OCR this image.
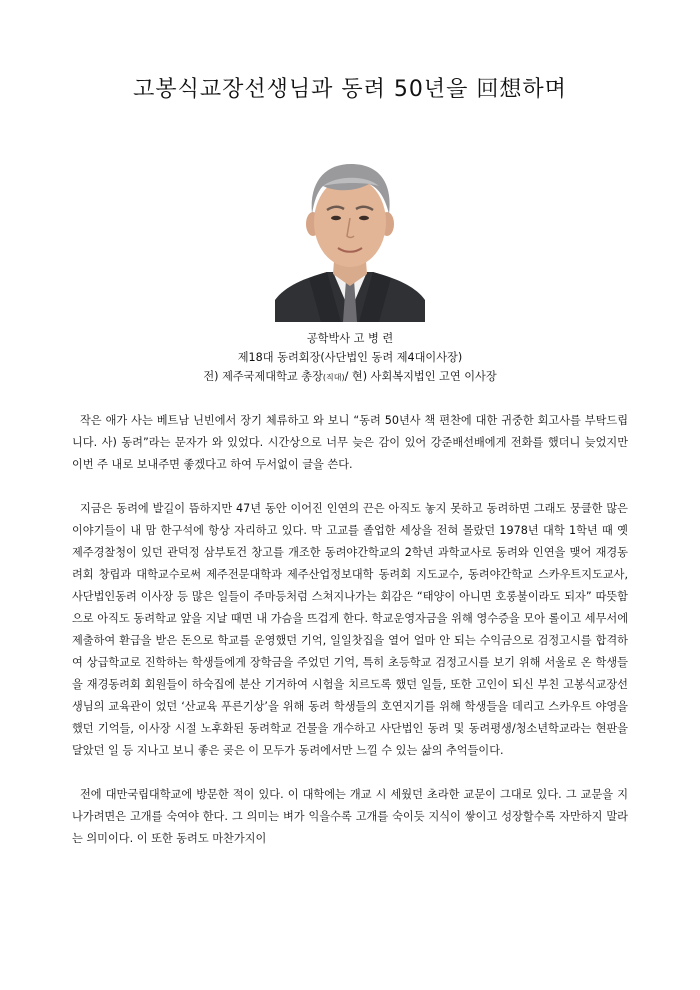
고봉식교장선생님과 동려 50년을 回想하며
공학박사 고 병 련
제18대 동려회장(사단법인 동려 제4대이사장)
전) 제주국제대학교 총장(직대)/ 현) 사회복지법인 고연 이사장

작은 애가 사는 베트남 닌빈에서 장기 체류하고 와 보니 “동려 50년사 책 편찬에 대한 귀중한 회고사를 부탁드립니다. 사) 동려”라는 문자가 와 있었다. 시간상으로 너무 늦은 감이 있어 강준배선배에게 전화를 했더니 늦었지만 이번 주 내로 보내주면 좋겠다고 하여 두서없이 글을 쓴다.

지금은 동려에 발길이 뜸하지만 47년 동안 이어진 인연의 끈은 아직도 놓지 못하고 동려하면 그래도 뭉클한 많은 이야기들이 내 맘 한구석에 항상 자리하고 있다. 막 고교를 졸업한 세상을 전혀 몰랐던 1978년 대학 1학년 때 옛 제주경찰청이 있던 관덕정 삼부토건 창고를 개조한 동려야간학교의 2학년 과학교사로 동려와 인연을 맺어 재경동려회 창립과 대학교수로써 제주전문대학과 제주산업정보대학 동려회 지도교수, 동려야간학교 스카우트지도교사, 사단법인동려 이사장 등 많은 일들이 주마등처럼 스쳐지나가는 회감은 “태양이 아니면 호롱불이라도 되자” 따뜻함으로 아직도 동려학교 앞을 지날 때면 내 가슴을 뜨겁게 한다. 학교운영자금을 위해 영수증을 모아 롤이고 세무서에 제출하여 환급을 받은 돈으로 학교를 운영했던 기억, 일일찻집을 열어 얼마 안 되는 수익금으로 검정고시를 합격하여 상급학교로 진학하는 학생들에게 장학금을 주었던 기억, 특히 초등학교 검정고시를 보기 위해 서울로 온 학생들을 재경동려회 회원들이 하숙집에 분산 기거하여 시험을 치르도록 했던 일들, 또한 고인이 되신 부친 고봉식교장선생님의 교육관이 었던 ‘산교육 푸른기상’을 위해 동려 학생들의 호연지기를 위해 학생들을 데리고 스카우트 야영을 했던 기억들, 이사장 시절 노후화된 동려학교 건물을 개수하고 사단법인 동려 및 동려평생/청소년학교라는 현판을 달았던 일 등 지나고 보니 좋은 곶은 이 모두가 동려에서만 느낄 수 있는 삶의 추억들이다.

전에 대만국립대학교에 방문한 적이 있다. 이 대학에는 개교 시 세웠던 초라한 교문이 그대로 있다. 그 교문을 지나가려면은 고개를 숙여야 한다. 그 의미는 벼가 익을수록 고개를 숙이듯 지식이 쌓이고 성장할수록 자만하지 말라는 의미이다. 이 또한 동려도 마찬가지이
